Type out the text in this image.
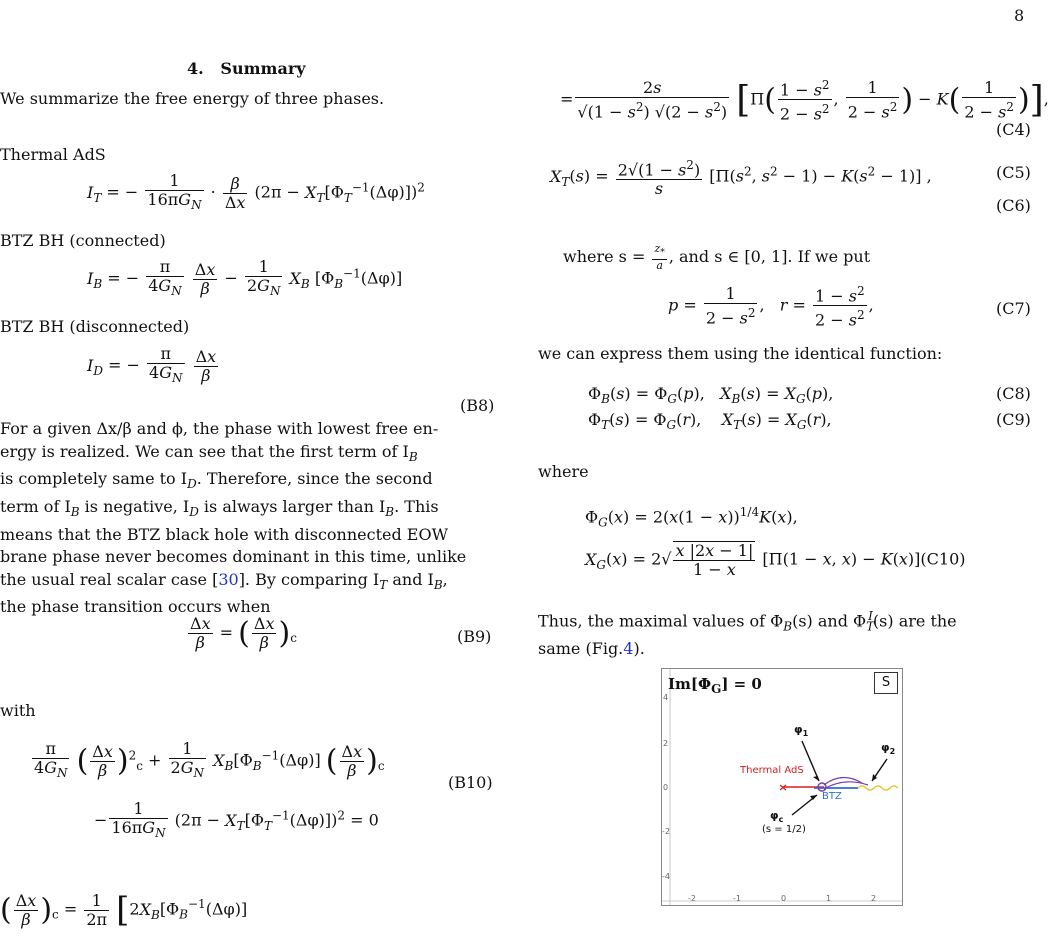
8
4.   Summary
We summarize the free energy of three phases.
Thermal AdS
$I_T$ = − $\frac{1}{16\pi G_N} \cdot \frac{\beta}{\Delta x} (2\pi - X_T[\Phi_T^{-1}(\Delta\varphi)])^2$
BTZ BH (connected)
$I_B$ = − $\frac{\pi}{4G_N}$
$\frac{\Delta x}{\beta} - \frac{1}{2G_N} X_B$ $[\Phi_B^{-1}(\Delta\varphi)]$
BTZ BH (disconnected)
$I_D$ = − $\frac{\pi}{4G_N}$
$\frac{\Delta x}{\beta}$
(B8)
For a given Δx/β and ϕ, the phase with lowest free en-
ergy is realized. We can see that the first term of $I_B$
is completely same to $I_D$. Therefore, since the second
term of $I_B$ is negative, $I_D$ is always larger than $I_B$. This
means that the BTZ black hole with disconnected EOW
brane phase never becomes dominant in this time, unlike
the usual real scalar case [30]. By comparing $I_T$ and $I_B$,
the phase transition occurs when
$\frac{\Delta x}{\beta}$ = ( $\frac{\Delta x}{\beta} )_c$	(B9)
with
$\frac{\pi}{4G_N}$ ( $\frac{\Delta x}{\beta} )^2_c + \frac{1}{2G_N} X_B[\Phi_B^{-1}(\Delta\varphi)]$ ( $\frac{\Delta x}{\beta} )_c$
− $\frac{1}{16\pi G_N} (2\pi - X_T[\Phi_T^{-1}(\Delta\varphi)])^2 = 0$
(B10)
( $\frac{\Delta x}{\beta} )_c = \frac{1}{2\pi} [2X_B[\Phi_B^{-1}(\Delta\varphi)]$
= $\frac{2s}{√(1 - s^2) √(2 - s^2)} [\Pi( \frac{1 - s^2}{2 - s^2}$ , $\frac{1}{2 - s^2}$ ) − $K( \frac{1}{2 - s^2}$ )],
(C4)
$X_T(s) = \frac{2√(1 - s^2)}{s} [\Pi(s^2$, $s^2 - 1) - K(s^2 - 1)$] ,	(C5)
(C6)
where $s = \frac{z_*}{a}$ , and s ∈ [0, 1]. If we put
$p = \frac{1}{2 - s^2}$ ,   $r = \frac{1 - s^2}{2 - s^2}$ ,	(C7)
we can express them using the identical function:
$\Phi_B(s) = \Phi_G(p)$,   $X_B(s) = X_G(p)$,	(C8)
$\Phi_T(s) = \Phi_G(r)$,    $X_T(s) = X_G(r)$,	(C9)
where
$\Phi_G(x) = 2(x(1 - x))^{1/4}K(x)$,
$X_G(x) = 2√ \frac{x |2x - 1|}{1 - x} [\Pi(1 - x$, x) − K(x)](C10)
Thus, the maximal values of $\Phi_B(s)$ and $\Phi_T^I(s)$ are the
same (Fig.4).
$Im[\Phi_G] = 0$	S
Thermal AdS
BTZ
$\varphi_1$
$\varphi_2$
$\varphi_c$
(s = 1/2)
-2	-1	0	1	2
4
2
0
-2
-4
